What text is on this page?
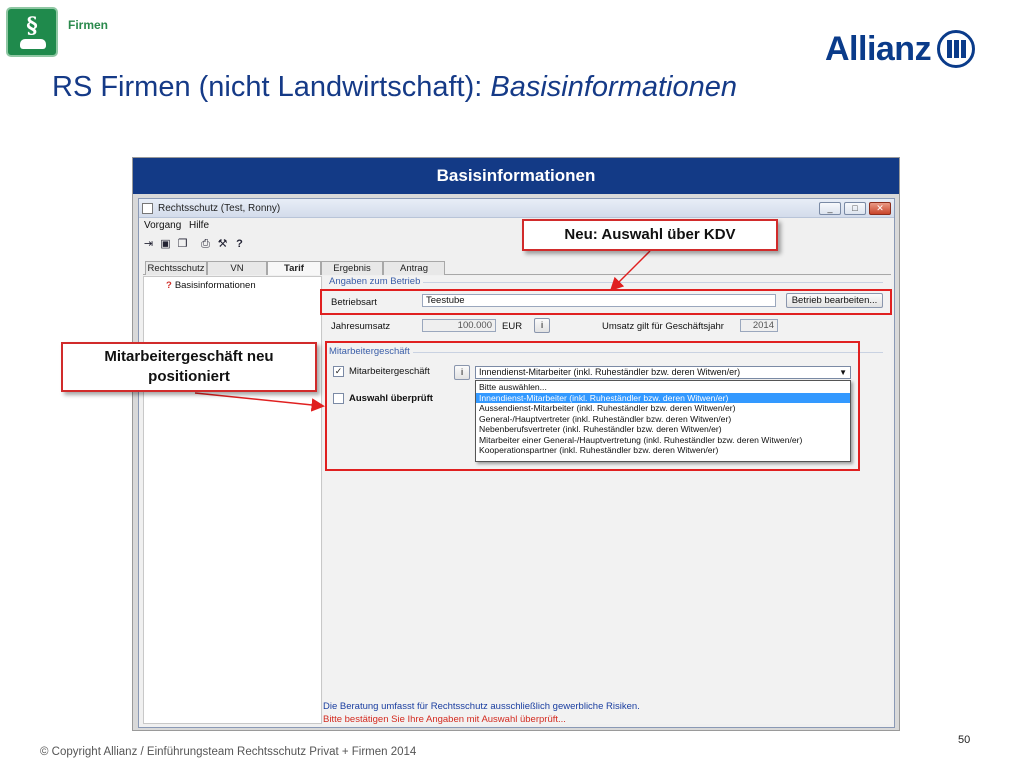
§	Firmen
Allianz
RS Firmen (nicht Landwirtschaft): Basisinformationen
Basisinformationen
Rechtsschutz (Test, Ronny)	_	□	✕
Vorgang Hilfe
⇥ ▣ ❐ ⎙ ⚒ ?
Rechtsschutz	VN	Tarif	Ergebnis	Antrag
? Basisinformationen	Angaben zum Betrieb
Betriebsart	Teestube	Betrieb bearbeiten...
Jahresumsatz	100.000	EUR	i	Umsatz gilt für Geschäftsjahr	2014
Mitarbeitergeschäft
✓ Mitarbeitergeschäft	i	Innendienst-Mitarbeiter (inkl. Ruheständler bzw. deren Witwen/er)	▼
Bitte auswählen...
Innendienst-Mitarbeiter (inkl. Ruheständler bzw. deren Witwen/er)
Aussendienst-Mitarbeiter (inkl. Ruheständler bzw. deren Witwen/er)
General-/Hauptvertreter (inkl. Ruheständler bzw. deren Witwen/er)
Nebenberufsvertreter (inkl. Ruheständler bzw. deren Witwen/er)
Mitarbeiter einer General-/Hauptvertretung (inkl. Ruheständler bzw. deren Witwen/er)
Kooperationspartner (inkl. Ruheständler bzw. deren Witwen/er)
Auswahl überprüft
Die Beratung umfasst für Rechtsschutz ausschließlich gewerbliche Risiken.
Bitte bestätigen Sie Ihre Angaben mit Auswahl überprüft...
Neu: Auswahl über KDV
Mitarbeitergeschäft neu
positioniert
© Copyright Allianz / Einführungsteam Rechtsschutz Privat + Firmen 2014
50
